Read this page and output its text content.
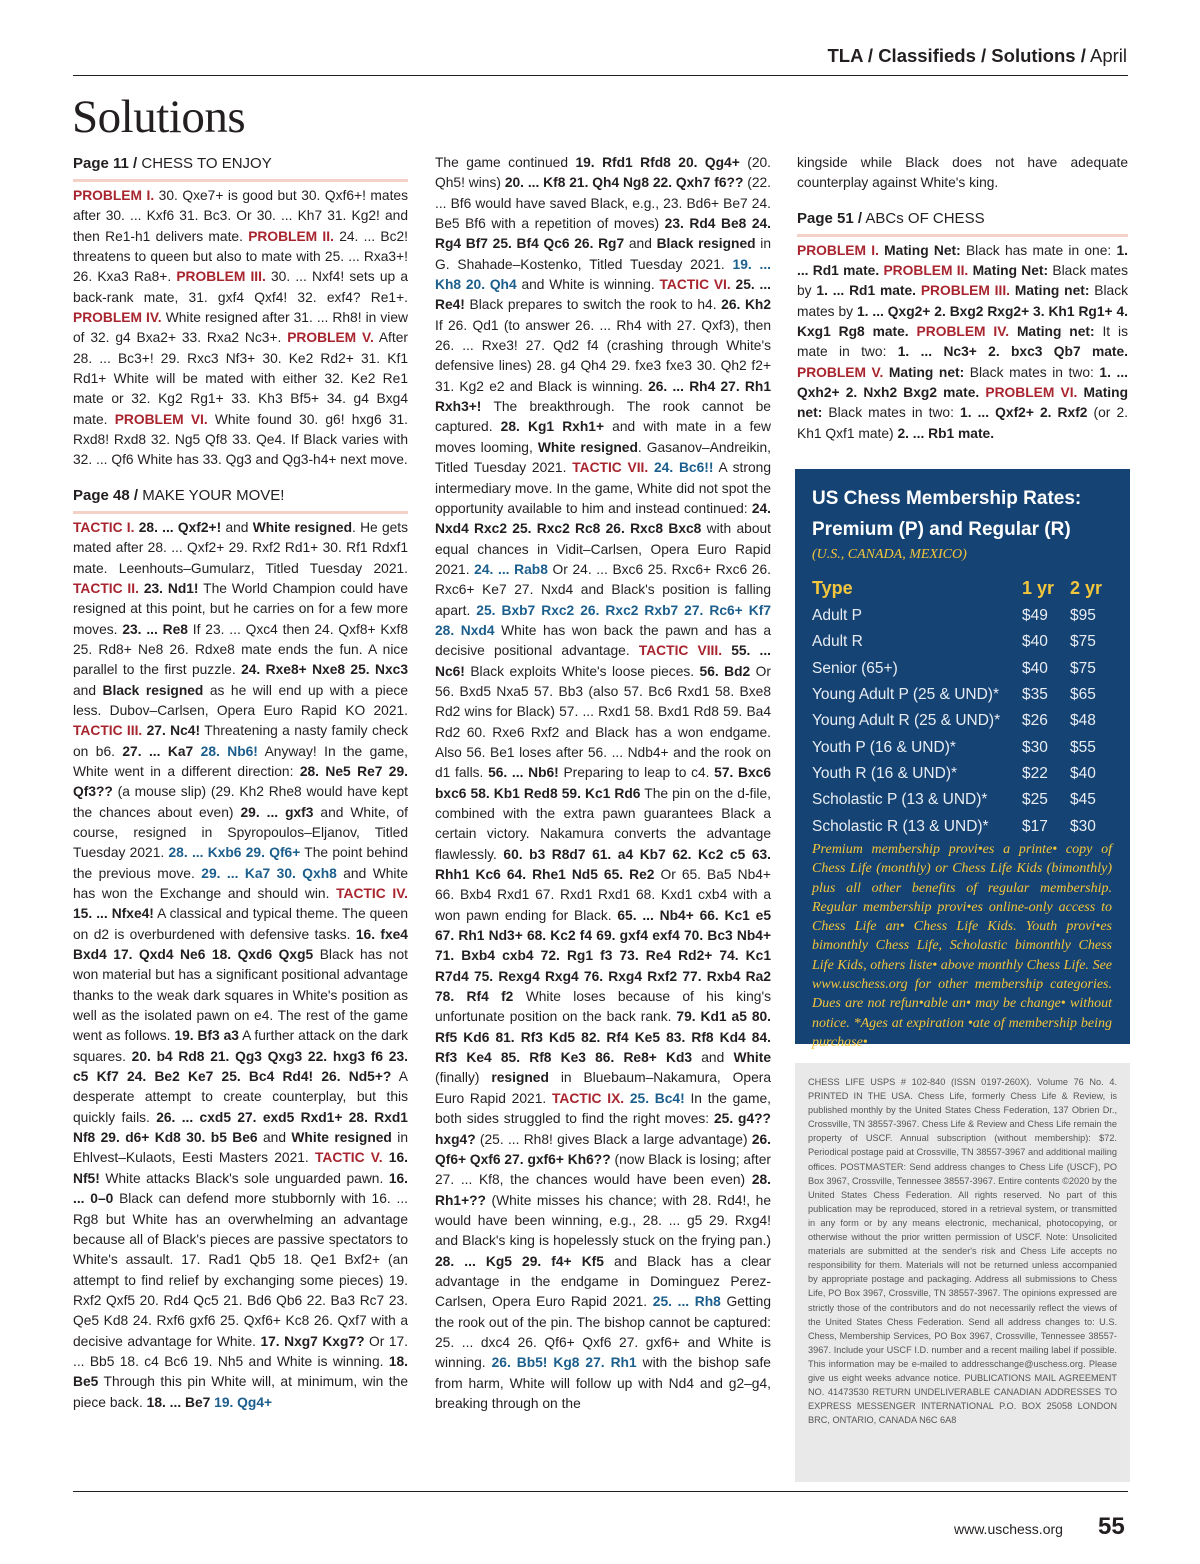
TLA / Classifieds / Solutions / April
Solutions
Page 11 / CHESS TO ENJOY

PROBLEM I. 30. Qxe7+ is good but 30. Qxf6+! mates after 30. ... Kxf6 31. Bc3. Or 30. ... Kh7 31. Kg2! and then Re1-h1 delivers mate. PROBLEM II. 24. ... Bc2! threatens to queen but also to mate with 25. ... Rxa3+! 26. Kxa3 Ra8+. PROBLEM III. 30. ... Nxf4! sets up a back-rank mate, 31. gxf4 Qxf4! 32. exf4? Re1+. PROBLEM IV. White resigned after 31. ... Rh8! in view of 32. g4 Bxa2+ 33. Rxa2 Nc3+. PROBLEM V. After 28. ... Bc3+! 29. Rxc3 Nf3+ 30. Ke2 Rd2+ 31. Kf1 Rd1+ White will be mated with either 32. Ke2 Re1 mate or 32. Kg2 Rg1+ 33. Kh3 Bf5+ 34. g4 Bxg4 mate. PROBLEM VI. White found 30. g6! hxg6 31. Rxd8! Rxd8 32. Ng5 Qf8 33. Qe4. If Black varies with 32. ... Qf6 White has 33. Qg3 and Qg3-h4+ next move.

Page 48 / MAKE YOUR MOVE!

TACTIC I. 28. ... Qxf2+! and White resigned. He gets mated after 28. ... Qxf2+ 29. Rxf2 Rd1+ 30. Rf1 Rdxf1 mate. Leenhouts–Gumularz, Titled Tuesday 2021. TACTIC II. 23. Nd1! The World Champion could have resigned at this point, but he carries on for a few more moves. 23. ... Re8 If 23. ... Qxc4 then 24. Qxf8+ Kxf8 25. Rd8+ Ne8 26. Rdxe8 mate ends the fun. A nice parallel to the first puzzle. 24. Rxe8+ Nxe8 25. Nxc3 and Black resigned as he will end up with a piece less. Dubov–Carlsen, Opera Euro Rapid KO 2021. TACTIC III. 27. Nc4! Threatening a nasty family check on b6. 27. ... Ka7 28. Nb6! Anyway! In the game, White went in a different direction: 28. Ne5 Re7 29. Qf3?? (a mouse slip) (29. Kh2 Rhe8 would have kept the chances about even) 29. ... gxf3 and White, of course, resigned in Spyropoulos–Eljanov, Titled Tuesday 2021. 28. ... Kxb6 29. Qf6+ The point behind the previous move. 29. ... Ka7 30. Qxh8 and White has won the Exchange and should win. TACTIC IV. 15. ... Nfxe4! A classical and typical theme. The queen on d2 is overburdened with defensive tasks. 16. fxe4 Bxd4 17. Qxd4 Ne6 18. Qxd6 Qxg5 Black has not won material but has a significant positional advantage thanks to the weak dark squares in White's position as well as the isolated pawn on e4. The rest of the game went as follows. 19. Bf3 a3 A further attack on the dark squares. 20. b4 Rd8 21. Qg3 Qxg3 22. hxg3 f6 23. c5 Kf7 24. Be2 Ke7 25. Bc4 Rd4! 26. Nd5+? A desperate attempt to create counterplay, but this quickly fails. 26. ... cxd5 27. exd5 Rxd1+ 28. Rxd1 Nf8 29. d6+ Kd8 30. b5 Be6 and White resigned in Ehlvest–Kulaots, Eesti Masters 2021. TACTIC V. 16. Nf5! White attacks Black's sole unguarded pawn. 16. ... 0–0 Black can defend more stubbornly with 16. ... Rg8 but White has an overwhelming an advantage because all of Black's pieces are passive spectators to White's assault. 17. Rad1 Qb5 18. Qe1 Bxf2+ (an attempt to find relief by exchanging some pieces) 19. Rxf2 Qxf5 20. Rd4 Qc5 21. Bd6 Qb6 22. Ba3 Rc7 23. Qe5 Kd8 24. Rxf6 gxf6 25. Qxf6+ Kc8 26. Qxf7 with a decisive advantage for White. 17. Nxg7 Kxg7? Or 17. ... Bb5 18. c4 Bc6 19. Nh5 and White is winning. 18. Be5 Through this pin White will, at minimum, win the piece back. 18. ... Be7 19. Qg4+

The game continued 19. Rfd1 Rfd8 20. Qg4+ (20. Qh5! wins) 20. ... Kf8 21. Qh4 Ng8 22. Qxh7 f6?? (22. ... Bf6 would have saved Black, e.g., 23. Bd6+ Be7 24. Be5 Bf6 with a repetition of moves) 23. Rd4 Be8 24. Rg4 Bf7 25. Bf4 Qc6 26. Rg7 and Black resigned in G. Shahade–Kostenko, Titled Tuesday 2021. 19. ... Kh8 20. Qh4 and White is winning. TACTIC VI. 25. ... Re4! Black prepares to switch the rook to h4. 26. Kh2 If 26. Qd1 (to answer 26. ... Rh4 with 27. Qxf3), then 26. ... Rxe3! 27. Qd2 f4 (crashing through White's defensive lines) 28. g4 Qh4 29. fxe3 fxe3 30. Qh2 f2+ 31. Kg2 e2 and Black is winning. 26. ... Rh4 27. Rh1 Rxh3+! The breakthrough. The rook cannot be captured. 28. Kg1 Rxh1+ and with mate in a few moves looming, White resigned. Gasanov–Andreikin, Titled Tuesday 2021. TACTIC VII. 24. Bc6!! A strong intermediary move. In the game, White did not spot the opportunity available to him and instead continued: 24. Nxd4 Rxc2 25. Rxc2 Rc8 26. Rxc8 Bxc8 with about equal chances in Vidit–Carlsen, Opera Euro Rapid 2021. 24. ... Rab8 Or 24. ... Bxc6 25. Rxc6+ Rxc6 26. Rxc6+ Ke7 27. Nxd4 and Black's position is falling apart. 25. Bxb7 Rxc2 26. Rxc2 Rxb7 27. Rc6+ Kf7 28. Nxd4 White has won back the pawn and has a decisive positional advantage. TACTIC VIII. 55. ... Nc6! Black exploits White's loose pieces. 56. Bd2 Or 56. Bxd5 Nxa5 57. Bb3 (also 57. Bc6 Rxd1 58. Bxe8 Rd2 wins for Black) 57. ... Rxd1 58. Bxd1 Rd8 59. Ba4 Rd2 60. Rxe6 Rxf2 and Black has a won endgame. Also 56. Be1 loses after 56. ... Ndb4+ and the rook on d1 falls. 56. ... Nb6! Preparing to leap to c4. 57. Bxc6 bxc6 58. Kb1 Red8 59. Kc1 Rd6 The pin on the d-file, combined with the extra pawn guarantees Black a certain victory. Nakamura converts the advantage flawlessly. 60. b3 R8d7 61. a4 Kb7 62. Kc2 c5 63. Rhh1 Kc6 64. Rhe1 Nd5 65. Re2 Or 65. Ba5 Nb4+ 66. Bxb4 Rxd1 67. Rxd1 Rxd1 68. Kxd1 cxb4 with a won pawn ending for Black. 65. ... Nb4+ 66. Kc1 e5 67. Rh1 Nd3+ 68. Kc2 f4 69. gxf4 exf4 70. Bc3 Nb4+ 71. Bxb4 cxb4 72. Rg1 f3 73. Re4 Rd2+ 74. Kc1 R7d4 75. Rexg4 Rxg4 76. Rxg4 Rxf2 77. Rxb4 Ra2 78. Rf4 f2 White loses because of his king's unfortunate position on the back rank. 79. Kd1 a5 80. Rf5 Kd6 81. Rf3 Kd5 82. Rf4 Ke5 83. Rf8 Kd4 84. Rf3 Ke4 85. Rf8 Ke3 86. Re8+ Kd3 and White (finally) resigned in Bluebaum–Nakamura, Opera Euro Rapid 2021. TACTIC IX. 25. Bc4! In the game, both sides struggled to find the right moves: 25. g4?? hxg4? (25. ... Rh8! gives Black a large advantage) 26. Qf6+ Qxf6 27. gxf6+ Kh6?? (now Black is losing; after 27. ... Kf8, the chances would have been even) 28. Rh1+?? (White misses his chance; with 28. Rd4!, he would have been winning, e.g., 28. ... g5 29. Rxg4! and Black's king is hopelessly stuck on the frying pan.) 28. ... Kg5 29. f4+ Kf5 and Black has a clear advantage in the endgame in Dominguez Perez-Carlsen, Opera Euro Rapid 2021. 25. ... Rh8 Getting the rook out of the pin. The bishop cannot be captured: 25. ... dxc4 26. Qf6+ Qxf6 27. gxf6+ and White is winning. 26. Bb5! Kg8 27. Rh1 with the bishop safe from harm, White will follow up with Nd4 and g2–g4, breaking through on the

kingside while Black does not have adequate counterplay against White's king.

Page 51 / ABCs OF CHESS

PROBLEM I. Mating Net: Black has mate in one: 1. ... Rd1 mate. PROBLEM II. Mating Net: Black mates by 1. ... Rd1 mate. PROBLEM III. Mating net: Black mates by 1. ... Qxg2+ 2. Bxg2 Rxg2+ 3. Kh1 Rg1+ 4. Kxg1 Rg8 mate. PROBLEM IV. Mating net: It is mate in two: 1. ... Nc3+ 2. bxc3 Qb7 mate. PROBLEM V. Mating net: Black mates in two: 1. ... Qxh2+ 2. Nxh2 Bxg2 mate. PROBLEM VI. Mating net: Black mates in two: 1. ... Qxf2+ 2. Rxf2 (or 2. Kh1 Qxf1 mate) 2. ... Rb1 mate.

US Chess Membership Rates:
Premium (P) and Regular (R)
(U.S., CANADA, MEXICO)
Type	1 yr	2 yr
Adult P	$49	$95
Adult R	$40	$75
Senior (65+)	$40	$75
Young Adult P (25 & UND)*	$35	$65
Young Adult R (25 & UND)*	$26	$48
Youth P (16 & UND)*	$30	$55
Youth R (16 & UND)*	$22	$40
Scholastic P (13 & UND)*	$25	$45
Scholastic R (13 & UND)*	$17	$30
Premium membership provi•es a printe• copy of Chess Life (monthly) or Chess Life Kids (bimonthly) plus all other benefits of regular membership. Regular membership provi•es online-only access to Chess Life an• Chess Life Kids. Youth provi•es bimonthly Chess Life, Scholastic bimonthly Chess Life Kids, others liste• above monthly Chess Life. See www.uschess.org for other membership categories. Dues are not refun•able an• may be change• without notice. *Ages at expiration •ate of membership being purchase•

CHESS LIFE USPS # 102-840 (ISSN 0197-260X). Volume 76 No. 4. PRINTED IN THE USA. Chess Life, formerly Chess Life & Review, is published monthly by the United States Chess Federation, 137 Obrien Dr., Crossville, TN 38557-3967. Chess Life & Review and Chess Life remain the property of USCF. Annual subscription (without membership): $72. Periodical postage paid at Crossville, TN 38557-3967 and additional mailing offices. POSTMASTER: Send address changes to Chess Life (USCF), PO Box 3967, Crossville, Tennessee 38557-3967. Entire contents ©2020 by the United States Chess Federation. All rights reserved. No part of this publication may be reproduced, stored in a retrieval system, or transmitted in any form or by any means electronic, mechanical, photocopying, or otherwise without the prior written permission of USCF. Note: Unsolicited materials are submitted at the sender's risk and Chess Life accepts no responsibility for them. Materials will not be returned unless accompanied by appropriate postage and packaging. Address all submissions to Chess Life, PO Box 3967, Crossville, TN 38557-3967. The opinions expressed are strictly those of the contributors and do not necessarily reflect the views of the United States Chess Federation. Send all address changes to: U.S. Chess, Membership Services, PO Box 3967, Crossville, Tennessee 38557-3967. Include your USCF I.D. number and a recent mailing label if possible. This information may be e-mailed to addresschange@uschess.org. Please give us eight weeks advance notice. PUBLICATIONS MAIL AGREEMENT NO. 41473530 RETURN UNDELIVERABLE CANADIAN ADDRESSES TO EXPRESS MESSENGER INTERNATIONAL P.O. BOX 25058 LONDON BRC, ONTARIO, CANADA N6C 6A8

www.uschess.org 55
